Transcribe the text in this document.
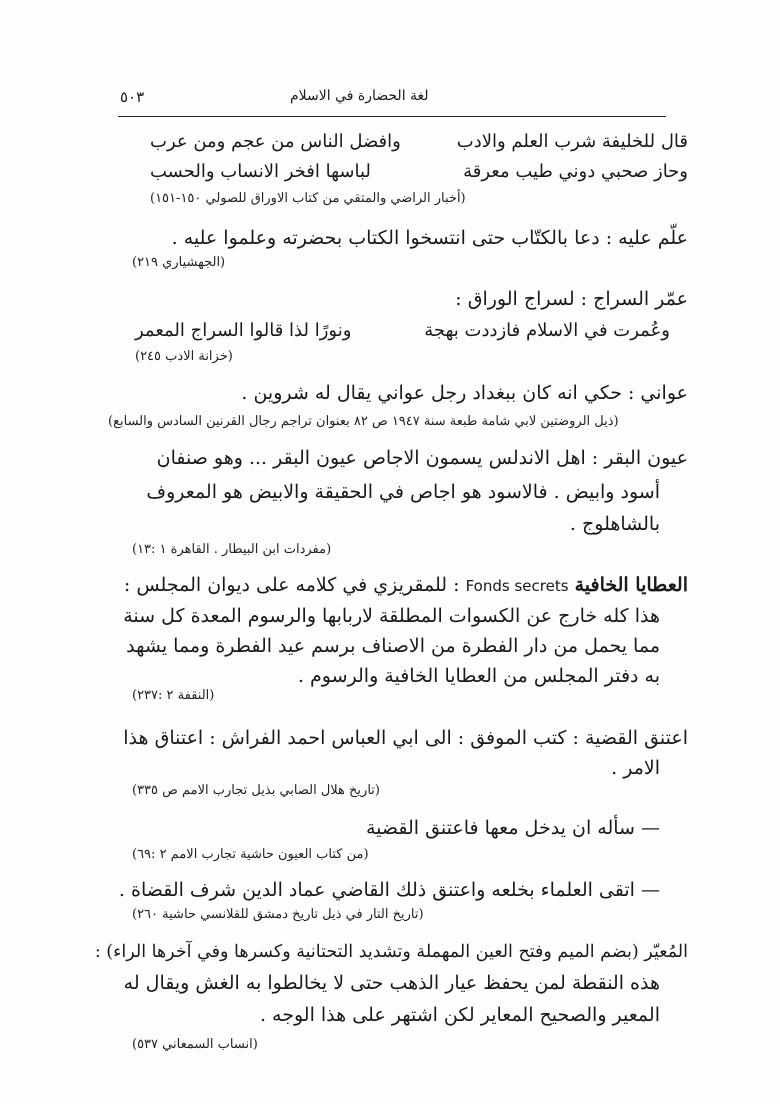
لغة الحضارة في الاسلام
٥٠٣
قال للخليفة شرب العلم والادب
وافضل الناس من عجم ومن عرب
وحاز صحبي دوني طيب معرقة
لباسها افخر الانساب والحسب
(أخبار الراضي والمتقي من كتاب الاوراق للصولي ١٥٠-١٥١)
علّم عليه : دعا بالكتّاب حتى انتسخوا الكتاب بحضرته وعلموا عليه .
(الجهشياري ٢١٩)
عمّر السراج : لسراج الوراق :
وعُمرت في الاسلام فازددت بهجة
ونورًا لذا قالوا السراج المعمر
(خزانة الادب ٢٤٥)
عواني : حكي انه كان ببغداد رجل عواني يقال له شروين .
(ذيل الروضتين لابي شامة طبعة سنة ١٩٤٧ ص ٨٢ بعنوان تراجم رجال القرنين السادس والسابع)
عيون البقر : اهل الاندلس يسمون الاجاص عيون البقر ... وهو صنفان
أسود وابيض . فالاسود هو اجاص في الحقيقة والابيض هو المعروف
بالشاهلوج .
(مفردات ابن البيطار . القاهرة ١ :١٣)
العطايا الخافية Fonds secrets : للمقريزي في كلامه على ديوان المجلس :
هذا كله خارج عن الكسوات المطلقة لاربابها والرسوم المعدة كل سنة
مما يحمل من دار الفطرة من الاصناف برسم عيد الفطرة ومما يشهد
به دفتر المجلس من العطايا الخافية والرسوم .
(النقفة ٢ :٢٣٧)
اعتنق القضية : كتب الموفق : الى ابي العباس احمد الفراش : اعتناق هذا
الامر .
(تاريخ هلال الصابي بذيل تجارب الامم ص ٣٣٥)
— سأله ان يدخل معها فاعتنق القضية
(من كتاب العيون حاشية تجارب الامم ٢ :٦٩)
— اتقى العلماء بخلعه واعتنق ذلك القاضي عماد الدين شرف القضاة .
(تاريخ التار في ذيل تاريخ دمشق للقلانسي حاشية ٢٦٠)
المُعيّر (بضم الميم وفتح العين المهملة وتشديد التحتانية وكسرها وفي آخرها الراء) :
هذه النقطة لمن يحفظ عيار الذهب حتى لا يخالطوا به الغش ويقال له
المعير والصحيح المعاير لكن اشتهر على هذا الوجه .
(انساب السمعاني ٥٣٧)
